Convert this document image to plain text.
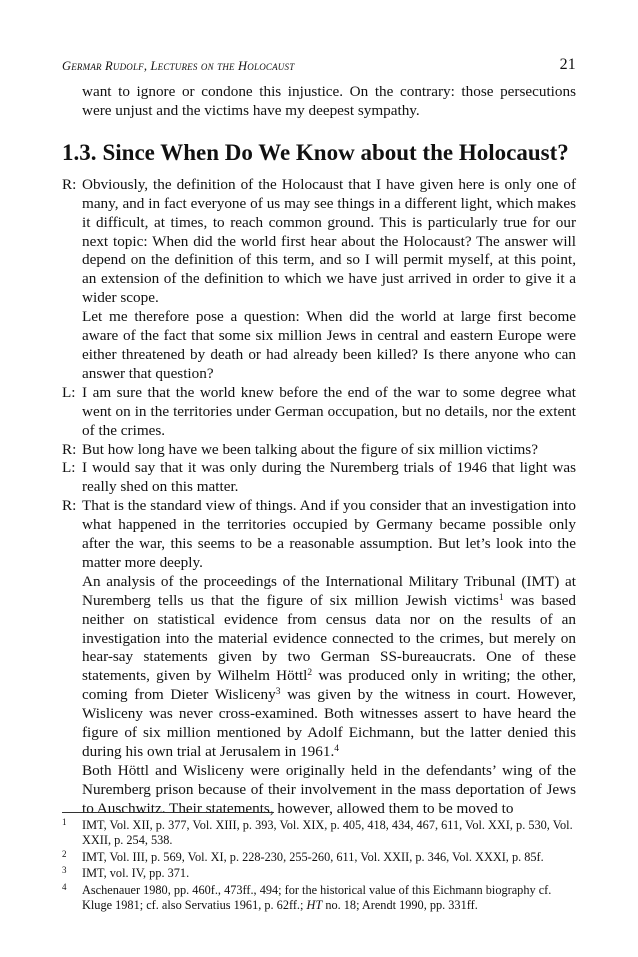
Germar Rudolf, Lectures on the Holocaust	21

want to ignore or condone this injustice. On the contrary: those persecutions were unjust and the victims have my deepest sympathy.

1.3. Since When Do We Know about the Holocaust?

R: Obviously, the definition of the Holocaust that I have given here is only one of many, and in fact everyone of us may see things in a different light, which makes it difficult, at times, to reach common ground. This is particularly true for our next topic: When did the world first hear about the Holocaust? The answer will depend on the definition of this term, and so I will permit myself, at this point, an extension of the definition to which we have just arrived in order to give it a wider scope.
Let me therefore pose a question: When did the world at large first become aware of the fact that some six million Jews in central and eastern Europe were either threatened by death or had already been killed? Is there anyone who can answer that question?

L: I am sure that the world knew before the end of the war to some degree what went on in the territories under German occupation, but no details, nor the extent of the crimes.

R: But how long have we been talking about the figure of six million victims?

L: I would say that it was only during the Nuremberg trials of 1946 that light was really shed on this matter.

R: That is the standard view of things. And if you consider that an investigation into what happened in the territories occupied by Germany became possible only after the war, this seems to be a reasonable assumption. But let’s look into the matter more deeply.

An analysis of the proceedings of the International Military Tribunal (IMT) at Nuremberg tells us that the figure of six million Jewish victims$^1$ was based neither on statistical evidence from census data nor on the results of an investigation into the material evidence connected to the crimes, but merely on hear-say statements given by two German SS-bureaucrats. One of these statements, given by Wilhelm Höttl$^2$ was produced only in writing; the other, coming from Dieter Wisliceny$^3$ was given by the witness in court. However, Wisliceny was never cross-examined. Both witnesses assert to have heard the figure of six million mentioned by Adolf Eichmann, but the latter denied this during his own trial at Jerusalem in 1961.$^4$

Both Höttl and Wisliceny were originally held in the defendants’ wing of the Nuremberg prison because of their involvement in the mass deportation of Jews to Auschwitz. Their statements, however, allowed them to be moved to

1 IMT, Vol. XII, p. 377, Vol. XIII, p. 393, Vol. XIX, p. 405, 418, 434, 467, 611, Vol. XXI, p. 530, Vol. XXII, p. 254, 538.
2 IMT, Vol. III, p. 569, Vol. XI, p. 228-230, 255-260, 611, Vol. XXII, p. 346, Vol. XXXI, p. 85f.
3 IMT, vol. IV, pp. 371.
4 Aschenauer 1980, pp. 460f., 473ff., 494; for the historical value of this Eichmann biography cf. Kluge 1981; cf. also Servatius 1961, p. 62ff.; HT no. 18; Arendt 1990, pp. 331ff.
